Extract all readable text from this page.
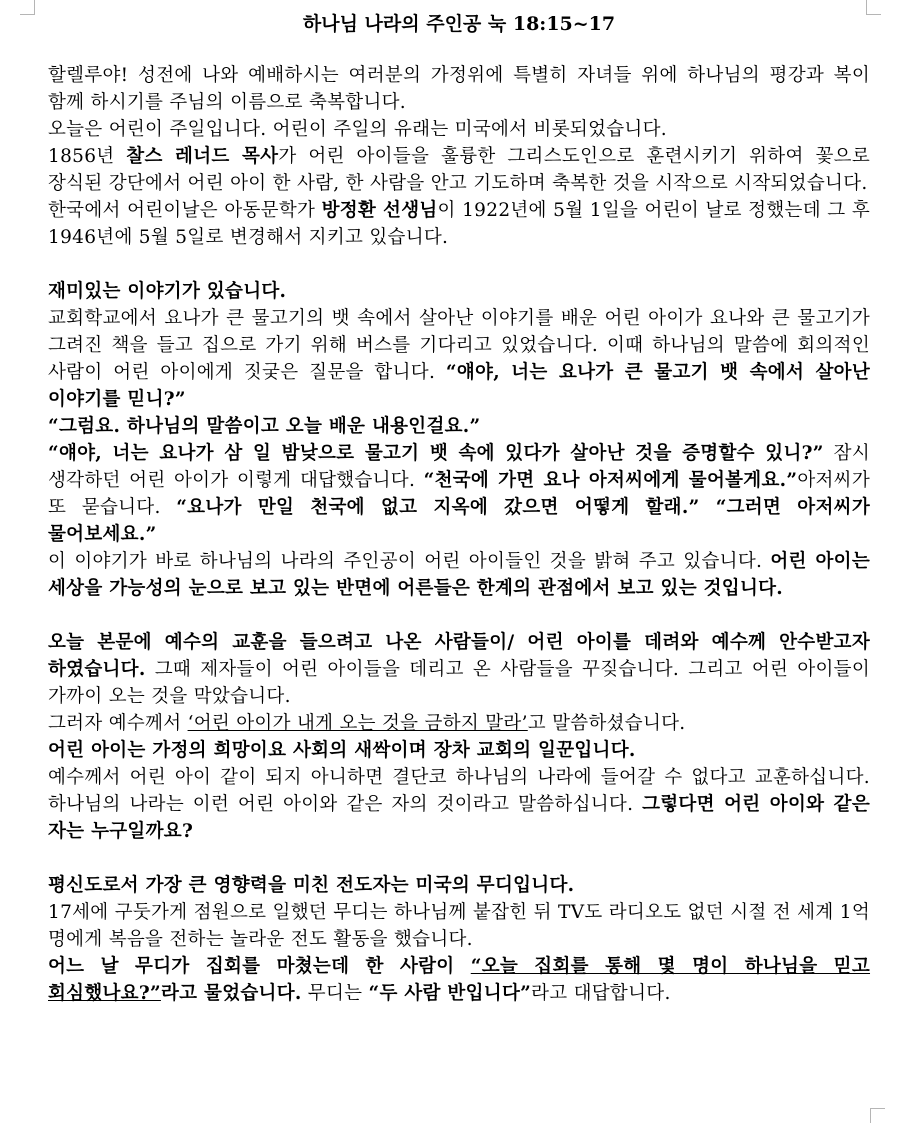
하나님 나라의 주인공 눅 18:15~17

할렐루야! 성전에 나와 예배하시는 여러분의 가정위에 특별히 자녀들 위에 하나님의 평강과 복이 함께 하시기를 주님의 이름으로 축복합니다.

오늘은 어린이 주일입니다. 어린이 주일의 유래는 미국에서 비롯되었습니다.

1856년 찰스 레너드 목사가 어린 아이들을 훌륭한 그리스도인으로 훈련시키기 위하여 꽃으로 장식된 강단에서 어린 아이 한 사람, 한 사람을 안고 기도하며 축복한 것을 시작으로 시작되었습니다.

한국에서 어린이날은 아동문학가 방정환 선생님이 1922년에 5월 1일을 어린이 날로 정했는데 그 후 1946년에 5월 5일로 변경해서 지키고 있습니다.

재미있는 이야기가 있습니다.

교회학교에서 요나가 큰 물고기의 뱃 속에서 살아난 이야기를 배운 어린 아이가 요나와 큰 물고기가 그려진 책을 들고 집으로 가기 위해 버스를 기다리고 있었습니다. 이때 하나님의 말씀에 회의적인 사람이 어린 아이에게 짓궂은 질문을 합니다. “얘야, 너는 요나가 큰 물고기 뱃 속에서 살아난 이야기를 믿니?”

“그럼요. 하나님의 말씀이고 오늘 배운 내용인걸요.”

“얘야, 너는 요나가 삼 일 밤낮으로 물고기 뱃 속에 있다가 살아난 것을 증명할수 있니?” 잠시 생각하던 어린 아이가 이렇게 대답했습니다. “천국에 가면 요나 아저씨에게 물어볼게요.”아저씨가 또 묻습니다. “요나가 만일 천국에 없고 지옥에 갔으면 어떻게 할래.” “그러면 아저씨가 물어보세요.”

이 이야기가 바로 하나님의 나라의 주인공이 어린 아이들인 것을 밝혀 주고 있습니다. 어린 아이는 세상을 가능성의 눈으로 보고 있는 반면에 어른들은 한계의 관점에서 보고 있는 것입니다.

오늘 본문에 예수의 교훈을 들으려고 나온 사람들이/ 어린 아이를 데려와 예수께 안수받고자 하였습니다. 그때 제자들이 어린 아이들을 데리고 온 사람들을 꾸짖습니다. 그리고 어린 아이들이 가까이 오는 것을 막았습니다.

그러자 예수께서 ‘어린 아이가 내게 오는 것을 금하지 말라’고 말씀하셨습니다.

어린 아이는 가정의 희망이요 사회의 새싹이며 장차 교회의 일꾼입니다.

예수께서 어린 아이 같이 되지 아니하면 결단코 하나님의 나라에 들어갈 수 없다고 교훈하십니다. 하나님의 나라는 이런 어린 아이와 같은 자의 것이라고 말씀하십니다. 그렇다면 어린 아이와 같은 자는 누구일까요?

평신도로서 가장 큰 영향력을 미친 전도자는 미국의 무디입니다.

17세에 구둣가게 점원으로 일했던 무디는 하나님께 붙잡힌 뒤 TV도 라디오도 없던 시절 전 세계 1억 명에게 복음을 전하는 놀라운 전도 활동을 했습니다.

어느 날 무디가 집회를 마쳤는데 한 사람이 “오늘 집회를 통해 몇 명이 하나님을 믿고 회심했나요?”라고 물었습니다. 무디는 “두 사람 반입니다”라고 대답합니다.
